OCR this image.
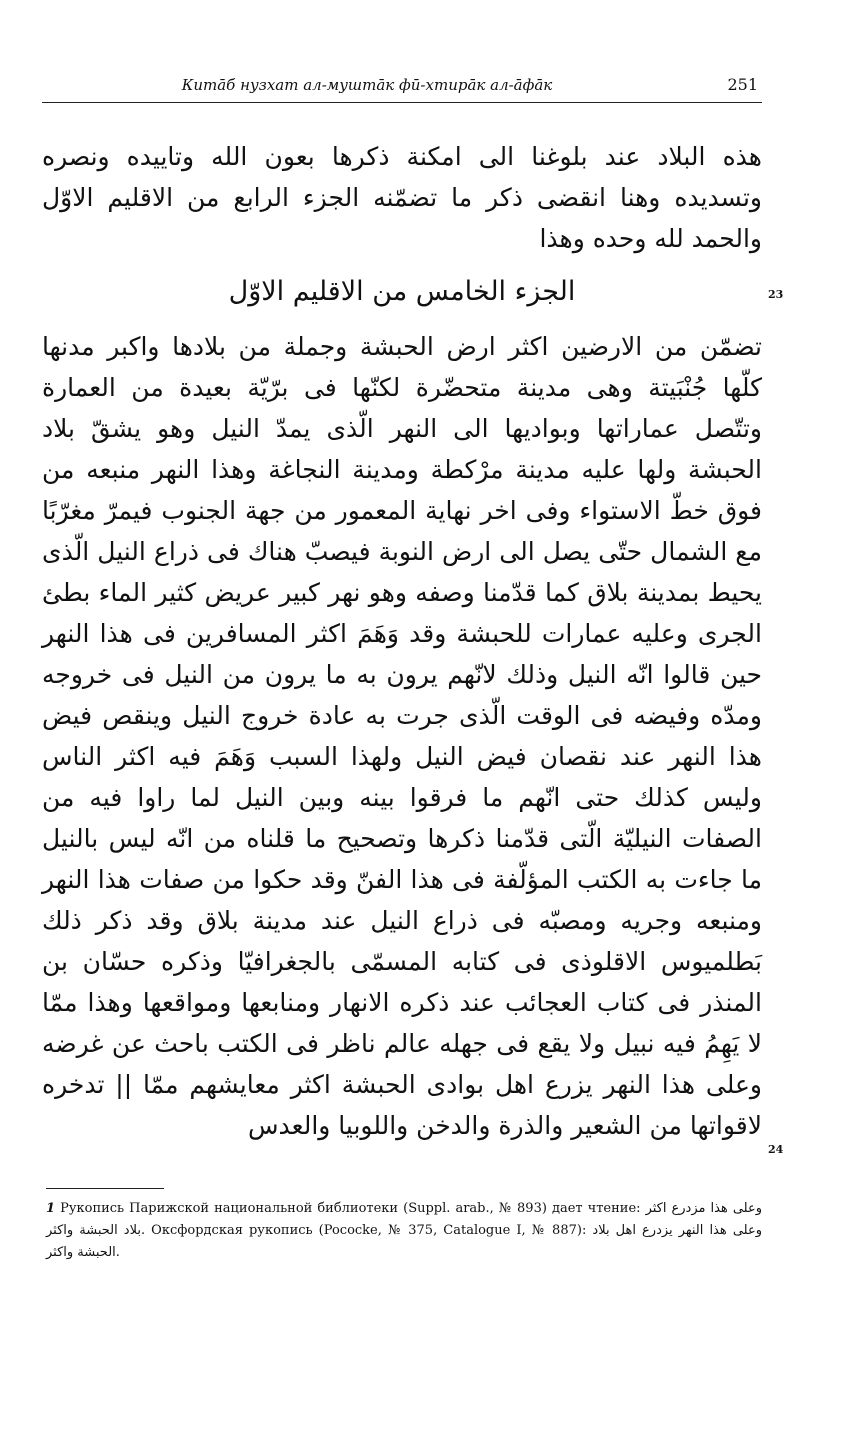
Китāб нузхат ал-муштāк фӣ-хтирāк ал-āфāк	251
هذه البلاد عند بلوغنا الى امكنة ذكرها بعون الله وتاييده ونصره وتسديده وهنا انقضى ذكر ما تضمّنه الجزء الرابع من الاقليم الاوّل والحمد لله وحده وهذا
الجزء الخامس من الاقليم الاوّل	23
تضمّن من الارضين اكثر ارض الحبشة وجملة من بلادها واكبر مدنها كلّها جُنْبَيتة وهى مدينة متحضّرة لكنّها فى برّيّة بعيدة من العمارة وتتّصل عماراتها وبواديها الى النهر الّذى يمدّ النيل وهو يشقّ بلاد الحبشة ولها عليه مدينة مرْكطة ومدينة النجاغة وهذا النهر منبعه من فوق خطّ الاستواء وفى اخر نهاية المعمور من جهة الجنوب فيمرّ مغرّبًا مع الشمال حتّى يصل الى ارض النوبة فيصبّ هناك فى ذراع النيل الّذى يحيط بمدينة بلاق كما قدّمنا وصفه وهو نهر كبير عريض كثير الماء بطئ الجرى وعليه عمارات للحبشة وقد وَهَمَ اكثر المسافرين فى هذا النهر حين قالوا انّه النيل وذلك لانّهم يرون به ما يرون من النيل فى خروجه ومدّه وفيضه فى الوقت الّذى جرت به عادة خروج النيل وينقص فيض هذا النهر عند نقصان فيض النيل ولهذا السبب وَهَمَ فيه اكثر الناس وليس كذلك حتى انّهم ما فرقوا بينه وبين النيل لما راوا فيه من الصفات النيليّة الّتى قدّمنا ذكرها وتصحيح ما قلناه من انّه ليس بالنيل ما جاءت به الكتب المؤلّفة فى هذا الفنّ وقد حكوا من صفات هذا النهر ومنبعه وجريه ومصبّه فى ذراع النيل عند مدينة بلاق وقد ذكر ذلك بَطلميوس الاقلوذى فى كتابه المسمّى بالجغرافيّا وذكره حسّان بن المنذر فى كتاب العجائب عند ذكره الانهار ومنابعها ومواقعها وهذا ممّا لا يَهِمُ فيه نبيل ولا يقع فى جهله عالم ناظر فى الكتب باحث عن غرضه وعلى هذا النهر يزرع اهل بوادى الحبشة اكثر معايشهم ممّا || تدخره لاقواتها من الشعير والذرة والدخن واللوبيا والعدس
24
1 Рукопись Парижской национальной библиотеки (Suppl. arab., № 893) дает чтение: وعلى هذا مزدرع اكثر بلاد الحبشة واكثر. Оксфордская рукопись (Pococke, № 375, Catalogue I, № 887): وعلى هذا النهر يزدرع اهل بلاد الحبشة واكثر.
